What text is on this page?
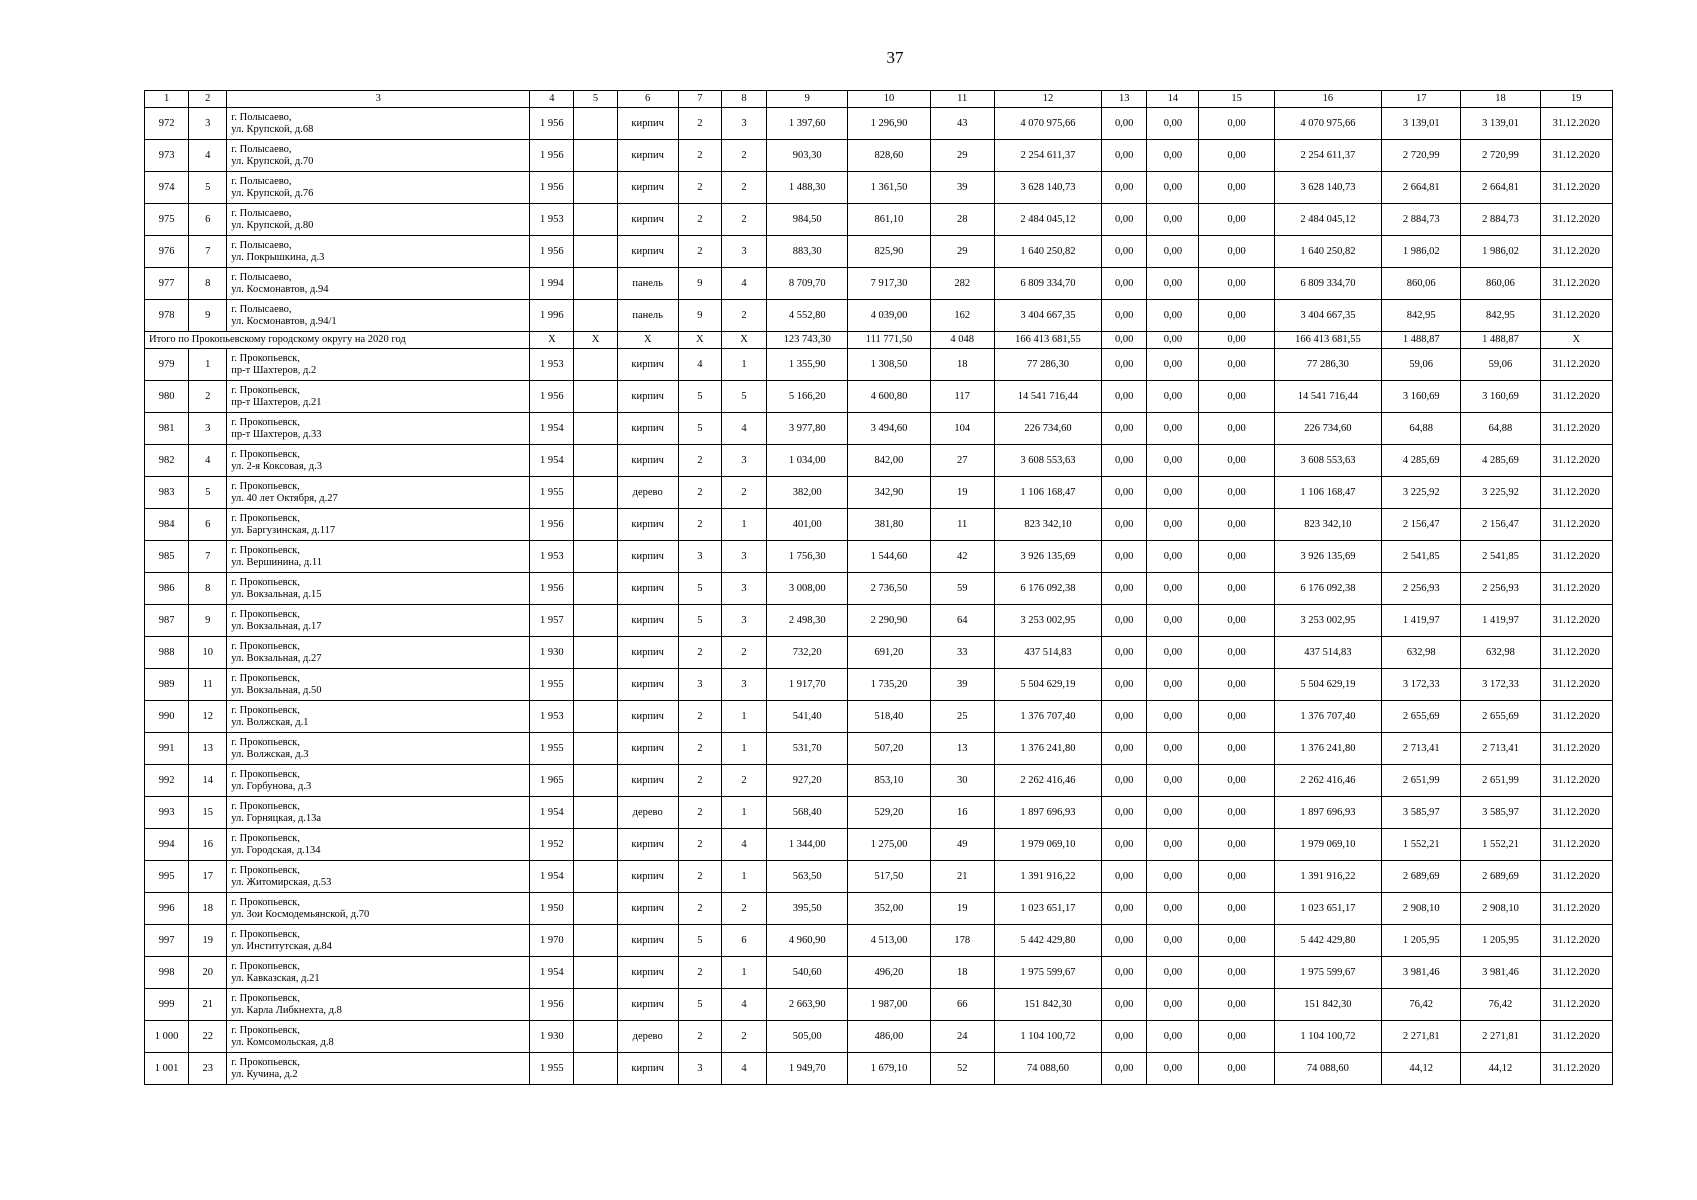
37
1	2	3	4	5	6	7	8	9	10	11	12	13	14	15	16	17	18	19
972	3	г. Полысаево,
ул. Крупской, д.68	1 956		кирпич	2	3	1 397,60	1 296,90	43	4 070 975,66	0,00	0,00	0,00	4 070 975,66	3 139,01	3 139,01	31.12.2020
973	4	г. Полысаево,
ул. Крупской, д.70	1 956		кирпич	2	2	903,30	828,60	29	2 254 611,37	0,00	0,00	0,00	2 254 611,37	2 720,99	2 720,99	31.12.2020
974	5	г. Полысаево,
ул. Крупской, д.76	1 956		кирпич	2	2	1 488,30	1 361,50	39	3 628 140,73	0,00	0,00	0,00	3 628 140,73	2 664,81	2 664,81	31.12.2020
975	6	г. Полысаево,
ул. Крупской, д.80	1 953		кирпич	2	2	984,50	861,10	28	2 484 045,12	0,00	0,00	0,00	2 484 045,12	2 884,73	2 884,73	31.12.2020
976	7	г. Полысаево,
ул. Покрышкина, д.3	1 956		кирпич	2	3	883,30	825,90	29	1 640 250,82	0,00	0,00	0,00	1 640 250,82	1 986,02	1 986,02	31.12.2020
977	8	г. Полысаево,
ул. Космонавтов, д.94	1 994		панель	9	4	8 709,70	7 917,30	282	6 809 334,70	0,00	0,00	0,00	6 809 334,70	860,06	860,06	31.12.2020
978	9	г. Полысаево,
ул. Космонавтов, д.94/1	1 996		панель	9	2	4 552,80	4 039,00	162	3 404 667,35	0,00	0,00	0,00	3 404 667,35	842,95	842,95	31.12.2020
Итого по Прокопьевскому городскому округу на 2020 год			X	X	X	X	X	123 743,30	111 771,50	4 048	166 413 681,55	0,00	0,00	0,00	166 413 681,55	1 488,87	1 488,87	X
979	1	г. Прокопьевск,
пр-т Шахтеров, д.2	1 953		кирпич	4	1	1 355,90	1 308,50	18	77 286,30	0,00	0,00	0,00	77 286,30	59,06	59,06	31.12.2020
980	2	г. Прокопьевск,
пр-т Шахтеров, д.21	1 956		кирпич	5	5	5 166,20	4 600,80	117	14 541 716,44	0,00	0,00	0,00	14 541 716,44	3 160,69	3 160,69	31.12.2020
981	3	г. Прокопьевск,
пр-т Шахтеров, д.33	1 954		кирпич	5	4	3 977,80	3 494,60	104	226 734,60	0,00	0,00	0,00	226 734,60	64,88	64,88	31.12.2020
982	4	г. Прокопьевск,
ул. 2-я Коксовая, д.3	1 954		кирпич	2	3	1 034,00	842,00	27	3 608 553,63	0,00	0,00	0,00	3 608 553,63	4 285,69	4 285,69	31.12.2020
983	5	г. Прокопьевск,
ул. 40 лет Октября, д.27	1 955		дерево	2	2	382,00	342,90	19	1 106 168,47	0,00	0,00	0,00	1 106 168,47	3 225,92	3 225,92	31.12.2020
984	6	г. Прокопьевск,
ул. Баргузинская, д.117	1 956		кирпич	2	1	401,00	381,80	11	823 342,10	0,00	0,00	0,00	823 342,10	2 156,47	2 156,47	31.12.2020
985	7	г. Прокопьевск,
ул. Вершинина, д.11	1 953		кирпич	3	3	1 756,30	1 544,60	42	3 926 135,69	0,00	0,00	0,00	3 926 135,69	2 541,85	2 541,85	31.12.2020
986	8	г. Прокопьевск,
ул. Вокзальная, д.15	1 956		кирпич	5	3	3 008,00	2 736,50	59	6 176 092,38	0,00	0,00	0,00	6 176 092,38	2 256,93	2 256,93	31.12.2020
987	9	г. Прокопьевск,
ул. Вокзальная, д.17	1 957		кирпич	5	3	2 498,30	2 290,90	64	3 253 002,95	0,00	0,00	0,00	3 253 002,95	1 419,97	1 419,97	31.12.2020
988	10	г. Прокопьевск,
ул. Вокзальная, д.27	1 930		кирпич	2	2	732,20	691,20	33	437 514,83	0,00	0,00	0,00	437 514,83	632,98	632,98	31.12.2020
989	11	г. Прокопьевск,
ул. Вокзальная, д.50	1 955		кирпич	3	3	1 917,70	1 735,20	39	5 504 629,19	0,00	0,00	0,00	5 504 629,19	3 172,33	3 172,33	31.12.2020
990	12	г. Прокопьевск,
ул. Волжская, д.1	1 953		кирпич	2	1	541,40	518,40	25	1 376 707,40	0,00	0,00	0,00	1 376 707,40	2 655,69	2 655,69	31.12.2020
991	13	г. Прокопьевск,
ул. Волжская, д.3	1 955		кирпич	2	1	531,70	507,20	13	1 376 241,80	0,00	0,00	0,00	1 376 241,80	2 713,41	2 713,41	31.12.2020
992	14	г. Прокопьевск,
ул. Горбунова, д.3	1 965		кирпич	2	2	927,20	853,10	30	2 262 416,46	0,00	0,00	0,00	2 262 416,46	2 651,99	2 651,99	31.12.2020
993	15	г. Прокопьевск,
ул. Горняцкая, д.13а	1 954		дерево	2	1	568,40	529,20	16	1 897 696,93	0,00	0,00	0,00	1 897 696,93	3 585,97	3 585,97	31.12.2020
994	16	г. Прокопьевск,
ул. Городская, д.134	1 952		кирпич	2	4	1 344,00	1 275,00	49	1 979 069,10	0,00	0,00	0,00	1 979 069,10	1 552,21	1 552,21	31.12.2020
995	17	г. Прокопьевск,
ул. Житомирская, д.53	1 954		кирпич	2	1	563,50	517,50	21	1 391 916,22	0,00	0,00	0,00	1 391 916,22	2 689,69	2 689,69	31.12.2020
996	18	г. Прокопьевск,
ул. Зои Космодемьянской, д.70	1 950		кирпич	2	2	395,50	352,00	19	1 023 651,17	0,00	0,00	0,00	1 023 651,17	2 908,10	2 908,10	31.12.2020
997	19	г. Прокопьевск,
ул. Институтская, д.84	1 970		кирпич	5	6	4 960,90	4 513,00	178	5 442 429,80	0,00	0,00	0,00	5 442 429,80	1 205,95	1 205,95	31.12.2020
998	20	г. Прокопьевск,
ул. Кавказская, д.21	1 954		кирпич	2	1	540,60	496,20	18	1 975 599,67	0,00	0,00	0,00	1 975 599,67	3 981,46	3 981,46	31.12.2020
999	21	г. Прокопьевск,
ул. Карла Либкнехта, д.8	1 956		кирпич	5	4	2 663,90	1 987,00	66	151 842,30	0,00	0,00	0,00	151 842,30	76,42	76,42	31.12.2020
1 000	22	г. Прокопьевск,
ул. Комсомольская, д.8	1 930		дерево	2	2	505,00	486,00	24	1 104 100,72	0,00	0,00	0,00	1 104 100,72	2 271,81	2 271,81	31.12.2020
1 001	23	г. Прокопьевск,
ул. Кучина, д.2	1 955		кирпич	3	4	1 949,70	1 679,10	52	74 088,60	0,00	0,00	0,00	74 088,60	44,12	44,12	31.12.2020
